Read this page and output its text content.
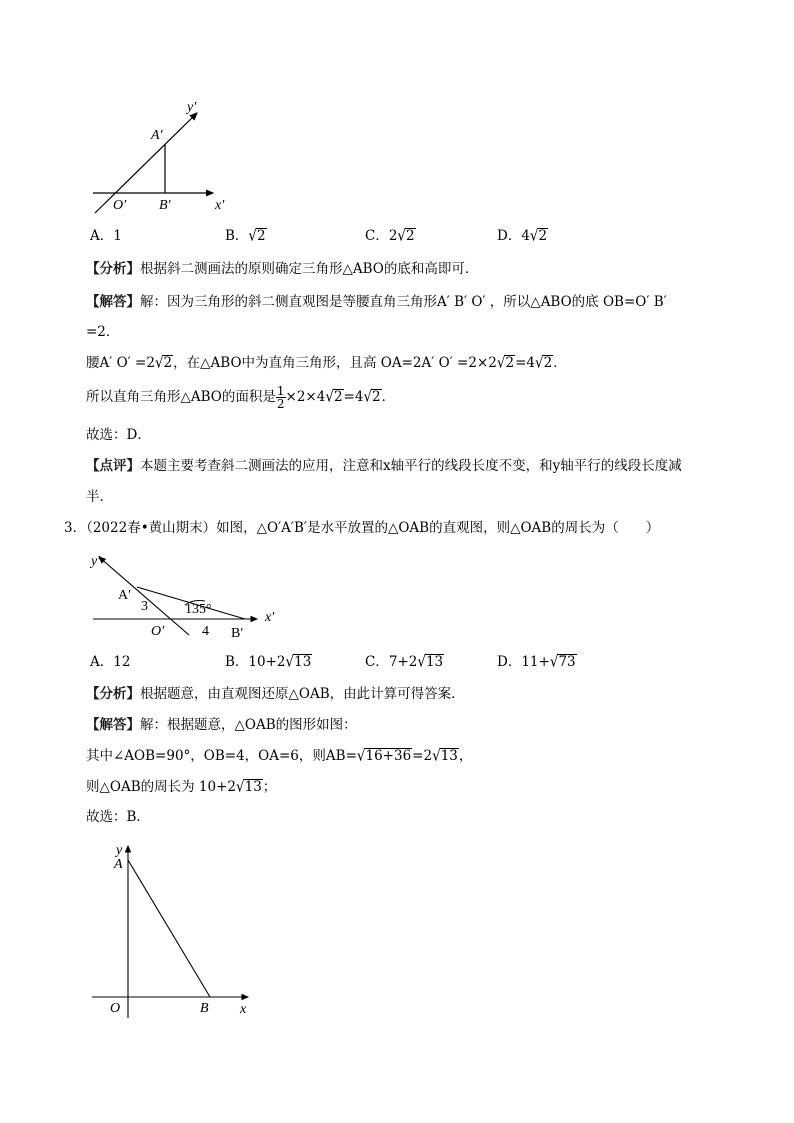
y′
A′
O′ B′	x′
A．1	B．√2	C．2√2	D．4√2
【分析】根据斜二测画法的原则确定三角形△ABO的底和高即可．
【解答】解：因为三角形的斜二侧直观图是等腰直角三角形A′ B′ O′ ，所以△ABO的底 OB=O′ B′
=2．
腰A′ O′ =2√2，在△ABO中为直角三角形，且高 OA=2A′ O′ =2×2√2=4√2．
所以直角三角形△ABO的面积是 $\frac{1}{2} \times 2\times 4√2=4√2$．
故选：D．
【点评】本题主要考查斜二测画法的应用，注意和x轴平行的线段长度不变，和y轴平行的线段长度减
半．
3．（2022春•黄山期末）如图，△O′A′B′是水平放置的△OAB的直观图，则△OAB的周长为（　　）
y′
A′
3	135°
O′	4 B′
x′
A．12	B．10+2√13	C．7+2√13	D．11+√73
【分析】根据题意，由直观图还原△OAB，由此计算可得答案．
【解答】解：根据题意，△OAB的图形如图：
其中∠AOB=90°，OB=4，OA=6，则AB=√16+36=2√13，
则△OAB的周长为 10+2√13；
故选：B．
y
A
O	B x
